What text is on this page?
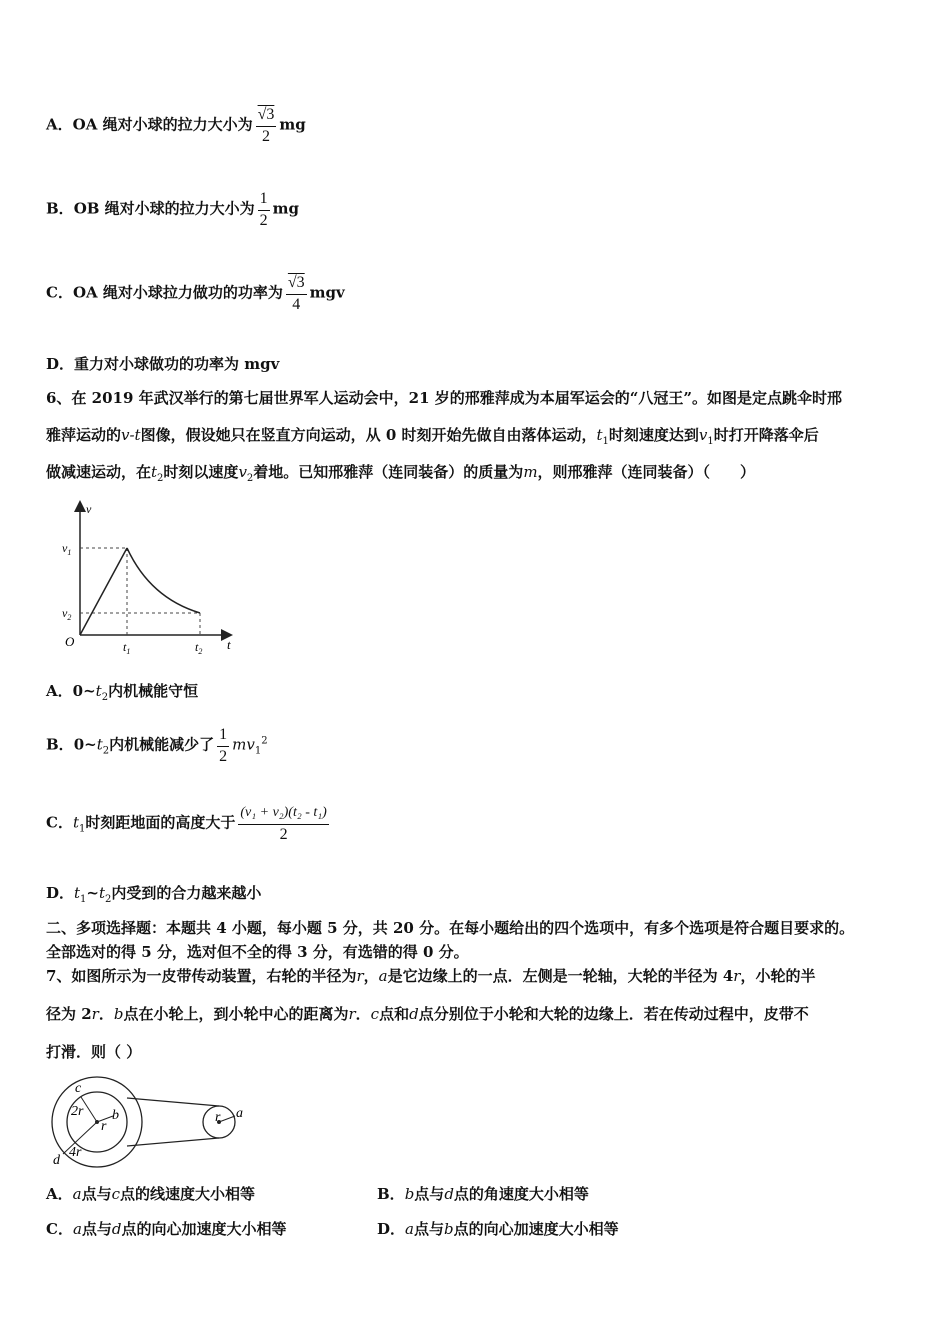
A．OA 绳对小球的拉力大小为 $\frac{√3}{2}$ mg
B．OB 绳对小球的拉力大小为 $\frac{1}{2}$ mg
C．OA 绳对小球拉力做功的功率为 $\frac{√3}{4}$ mgv
D．重力对小球做功的功率为 mgv
6、在 2019 年武汉举行的第七届世界军人运动会中，21 岁的邢雅萍成为本届军运会的“八冠王”。如图是定点跳伞时邢
雅萍运动的v-t图像，假设她只在竖直方向运动，从 0 时刻开始先做自由落体运动，$t_1$时刻速度达到$v_1$时打开降落伞后
做减速运动，在$t_2$时刻以速度$v_2$着地。已知邢雅萍（连同装备）的质量为m，则邢雅萍（连同装备）（　　）
v
$v_1$
$v_2$
O	$t_1$	$t_2$ t
A．$0\sim t_2$内机械能守恒
B．$0\sim t_2$内机械能减少了 $\frac{1}{2} mv_1^2$
C．$t_1$时刻距地面的高度大于 $\frac{\text{(v₁ + v₂)(t₂ - t₁)}}{2}$
D．$t_1\sim t_2$内受到的合力越来越小
二、多项选择题：本题共 4 小题，每小题 5 分，共 20 分。在每小题给出的四个选项中，有多个选项是符合题目要求的。
全部选对的得 5 分，选对但不全的得 3 分，有选错的得 0 分。
7、如图所示为一皮带传动装置，右轮的半径为r，a是它边缘上的一点．左侧是一轮轴，大轮的半径为 4r，小轮的半
径为 2r．b点在小轮上，到小轮中心的距离为r．c点和d点分别位于小轮和大轮的边缘上．若在传动过程中，皮带不
打滑．则（ ）
c
b
2r
r
4r
d
r a
A．a点与c点的线速度大小相等	B．b点与d点的角速度大小相等
C．a点与d点的向心加速度大小相等	D．a点与b点的向心加速度大小相等
